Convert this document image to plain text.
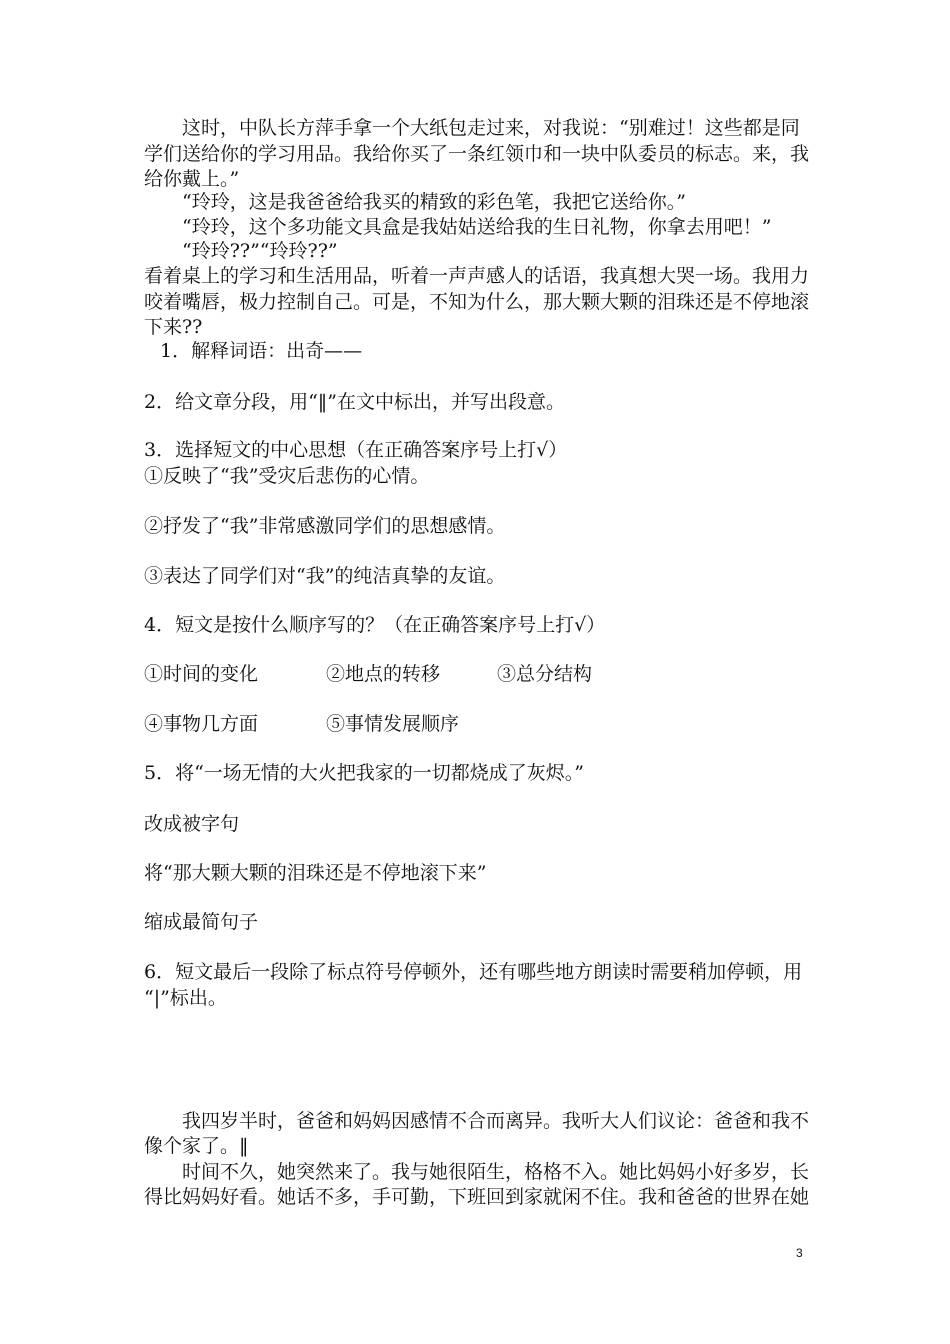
这时，中队长方萍手拿一个大纸包走过来，对我说：“别难过！这些都是同

学们送给你的学习用品。我给你买了一条红领巾和一块中队委员的标志。来，我

给你戴上。”

“玲玲，这是我爸爸给我买的精致的彩色笔，我把它送给你。”

“玲玲，这个多功能文具盒是我姑姑送给我的生日礼物，你拿去用吧！”

“玲玲??”“玲玲??”

看着桌上的学习和生活用品，听着一声声感人的话语，我真想大哭一场。我用力

咬着嘴唇，极力控制自己。可是，不知为什么，那大颗大颗的泪珠还是不停地滚

下来??

1．解释词语：出奇——

2．给文章分段，用“‖”在文中标出，并写出段意。

3．选择短文的中心思想（在正确答案序号上打√）

①反映了“我”受灾后悲伤的心情。

②抒发了“我”非常感激同学们的思想感情。

③表达了同学们对“我”的纯洁真挚的友谊。

4．短文是按什么顺序写的？（在正确答案序号上打√）

①时间的变化	②地点的转移	③总分结构
④事物几方面	⑤事情发展顺序

5．将“一场无情的大火把我家的一切都烧成了灰烬。”

改成被字句

将“那大颗大颗的泪珠还是不停地滚下来”

缩成最简句子

6．短文最后一段除了标点符号停顿外，还有哪些地方朗读时需要稍加停顿，用

“|”标出。

我四岁半时，爸爸和妈妈因感情不合而离异。我听大人们议论：爸爸和我不

像个家了。‖

时间不久，她突然来了。我与她很陌生，格格不入。她比妈妈小好多岁，长

得比妈妈好看。她话不多，手可勤，下班回到家就闲不住。我和爸爸的世界在她

3
